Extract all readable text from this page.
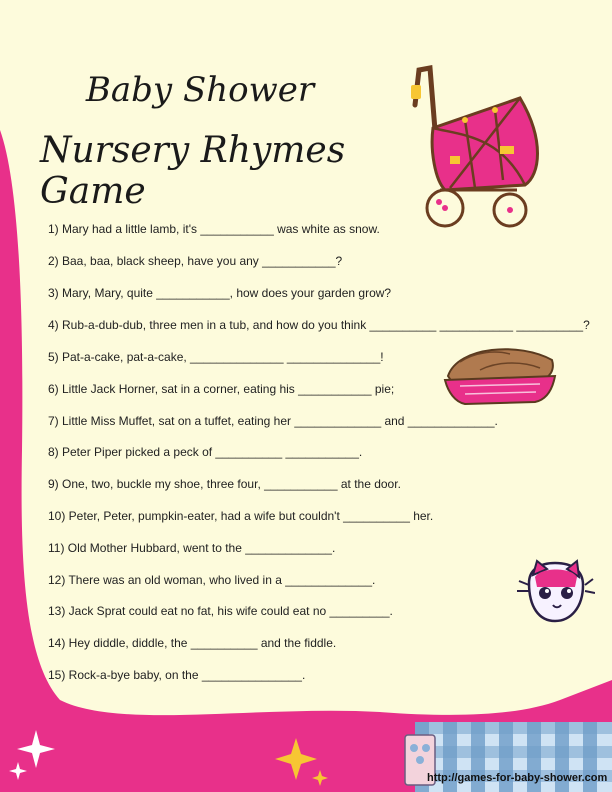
Baby Shower
Nursery Rhymes Game

1) Mary had a little lamb, it's ___________ was white as snow.

2) Baa, baa, black sheep, have you any ___________?

3) Mary, Mary, quite ___________, how does your garden grow?

4) Rub-a-dub-dub, three men in a tub, and how do you think __________ ___________ __________?

5) Pat-a-cake, pat-a-cake, ______________ ______________!

6) Little Jack Horner, sat in a corner, eating his ___________ pie;

7) Little Miss Muffet, sat on a tuffet, eating her _____________ and _____________.

8) Peter Piper picked a peck of __________ ___________.

9) One, two, buckle my shoe, three four, ___________ at the door.

10) Peter, Peter, pumpkin-eater, had a wife but couldn't __________ her.

11) Old Mother Hubbard, went to the _____________.

12) There was an old woman, who lived in a _____________.

13) Jack Sprat could eat no fat, his wife could eat no _________.

14) Hey diddle, diddle, the __________ and the fiddle.

15) Rock-a-bye baby, on the _______________.

http://games-for-baby-shower.com
